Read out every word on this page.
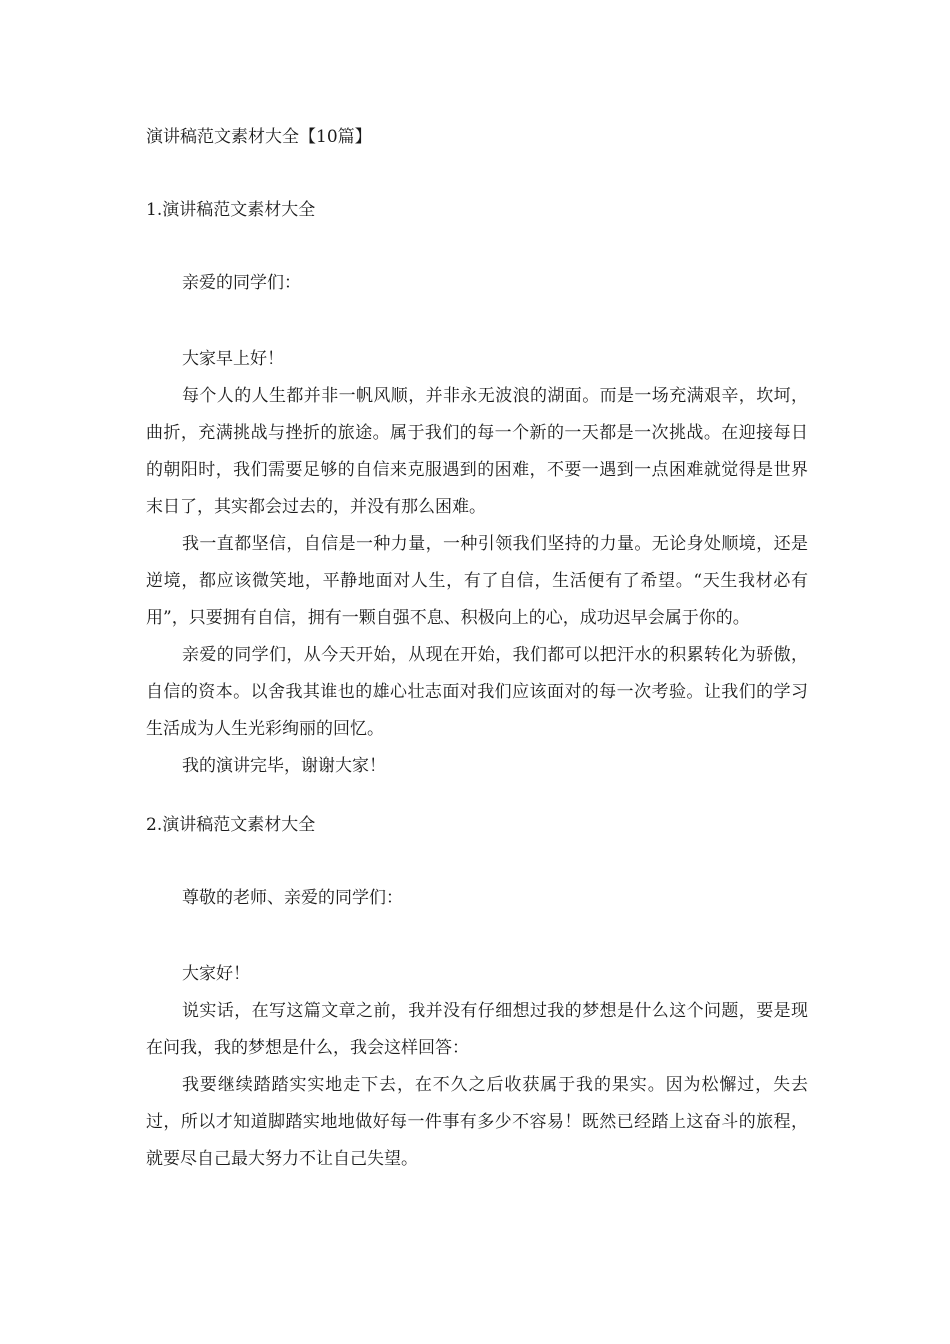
演讲稿范文素材大全【10篇】

1.演讲稿范文素材大全

亲爱的同学们：

大家早上好！

每个人的人生都并非一帆风顺，并非永无波浪的湖面。而是一场充满艰辛，坎坷，曲折，充满挑战与挫折的旅途。属于我们的每一个新的一天都是一次挑战。在迎接每日的朝阳时，我们需要足够的自信来克服遇到的困难，不要一遇到一点困难就觉得是世界末日了，其实都会过去的，并没有那么困难。

我一直都坚信，自信是一种力量，一种引领我们坚持的力量。无论身处顺境，还是逆境，都应该微笑地，平静地面对人生，有了自信，生活便有了希望。“天生我材必有用”，只要拥有自信，拥有一颗自强不息、积极向上的心，成功迟早会属于你的。

亲爱的同学们，从今天开始，从现在开始，我们都可以把汗水的积累转化为骄傲，自信的资本。以舍我其谁也的雄心壮志面对我们应该面对的每一次考验。让我们的学习生活成为人生光彩绚丽的回忆。

我的演讲完毕，谢谢大家！

2.演讲稿范文素材大全

尊敬的老师、亲爱的同学们：

大家好！

说实话，在写这篇文章之前，我并没有仔细想过我的梦想是什么这个问题，要是现在问我，我的梦想是什么，我会这样回答：

我要继续踏踏实实地走下去，在不久之后收获属于我的果实。因为松懈过，失去过，所以才知道脚踏实地地做好每一件事有多少不容易！既然已经踏上这奋斗的旅程，就要尽自己最大努力不让自己失望。
